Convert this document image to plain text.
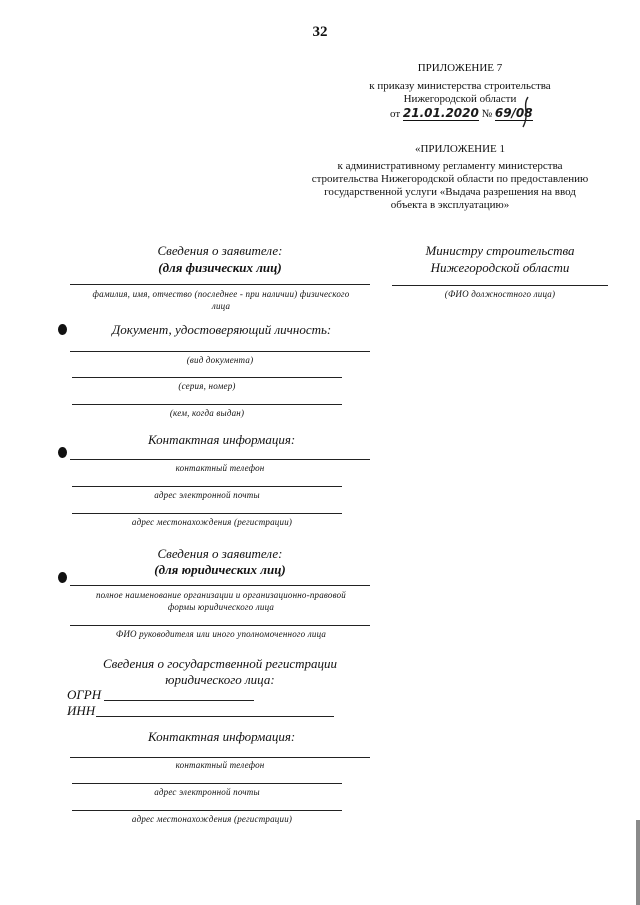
32
ПРИЛОЖЕНИЕ 7
к приказу министерства строительства
Нижегородской области
от 21.01.2020 № 69/08
«ПРИЛОЖЕНИЕ 1
к административному регламенту министерства
строительства Нижегородской области по предоставлению
государственной услуги «Выдача разрешения на ввод
объекта в эксплуатацию»
Министру строительства
Нижегородской области
(ФИО должностного лица)
Сведения о заявителе:
(для физических лиц)
фамилия, имя, отчество (последнее - при наличии) физического
лица
Документ, удостоверяющий личность:
(вид документа)
(серия, номер)
(кем, когда выдан)
Контактная информация:
контактный телефон
адрес электронной почты
адрес местонахождения (регистрации)
Сведения о заявителе:
(для юридических лиц)
полное наименование организации и организационно-правовой
формы юридического лица
ФИО руководителя или иного уполномоченного лица
Сведения о государственной регистрации
юридического лица:
ОГРН
ИНН
Контактная информация:
контактный телефон
адрес электронной почты
адрес местонахождения (регистрации)
